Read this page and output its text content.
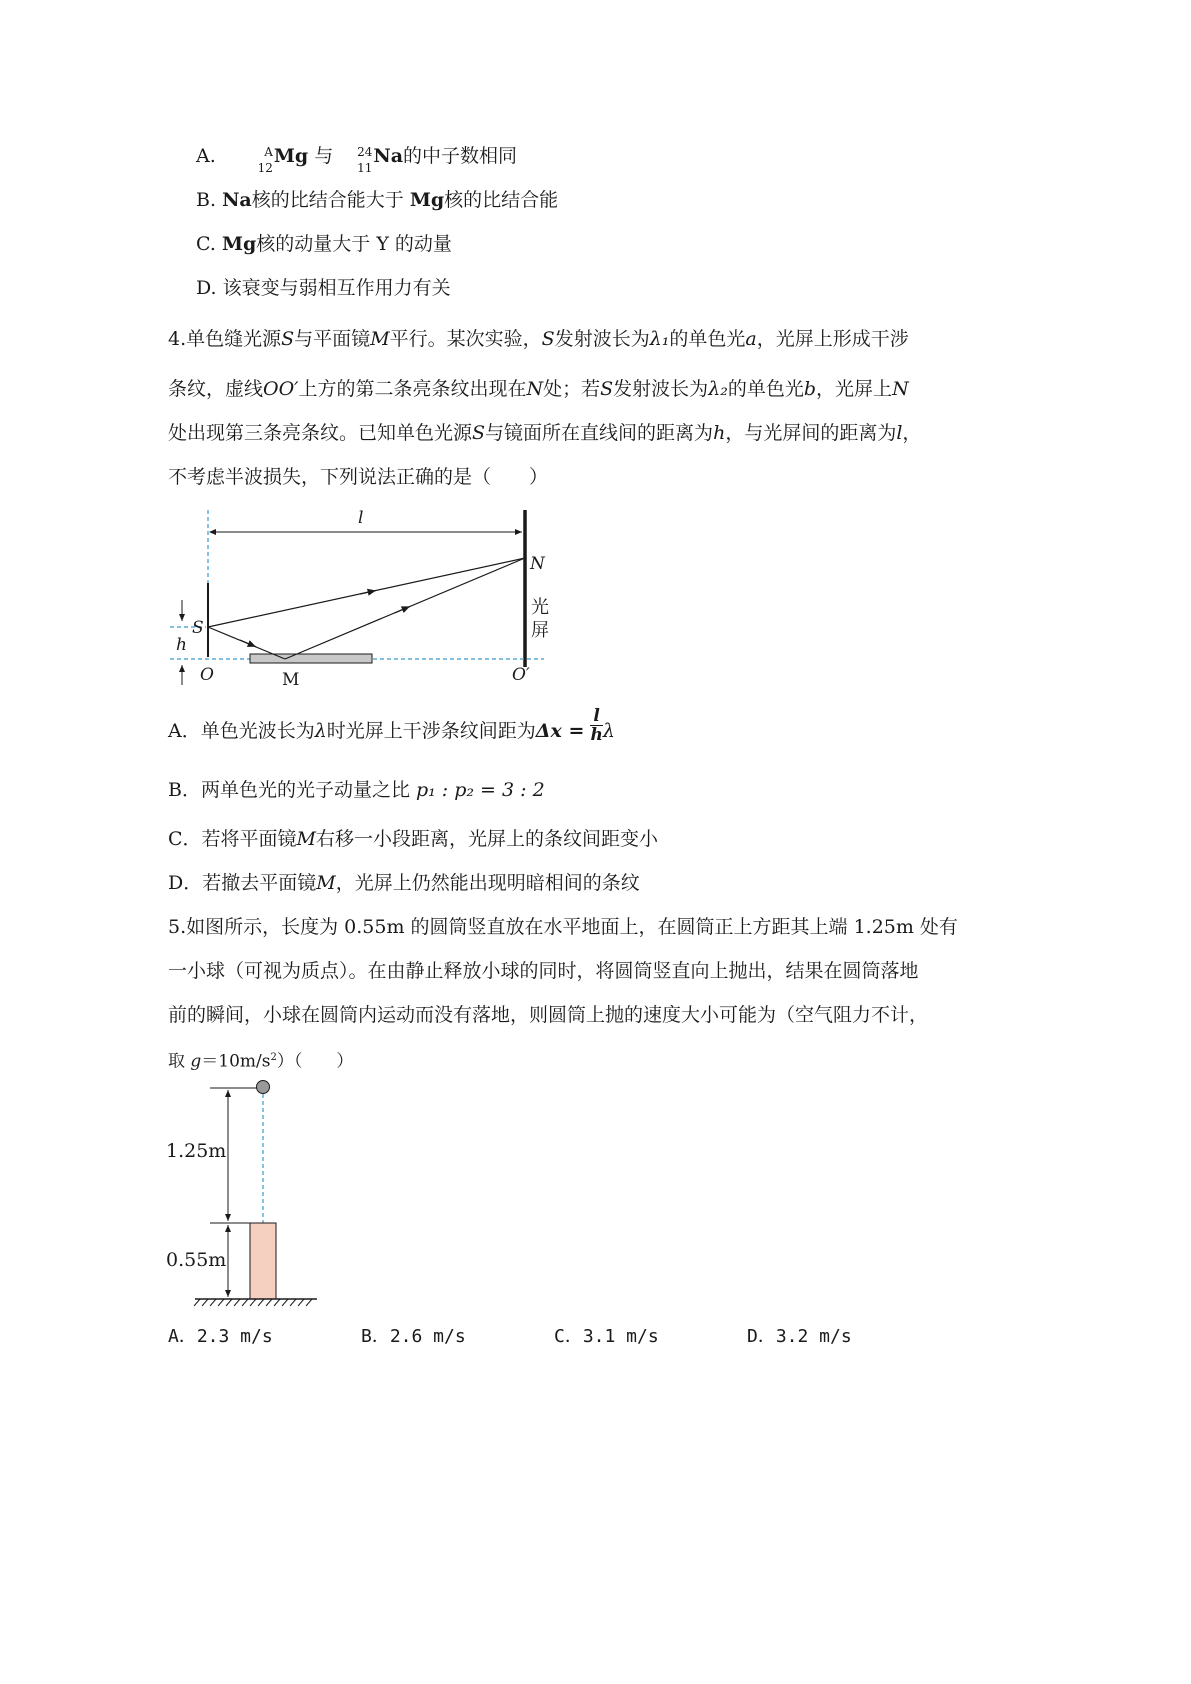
A.	A
12
Mg 与 24
11
Na的中子数相同
B. Na核的比结合能大于 Mg核的比结合能
C. Mg核的动量大于 Y 的动量
D. 该衰变与弱相互作用力有关
4.单色缝光源S与平面镜M平行。某次实验，S发射波长为λ₁的单色光a，光屏上形成干涉
条纹，虚线OO′上方的第二条亮条纹出现在N处；若S发射波长为λ₂的单色光b，光屏上N
处出现第三条亮条纹。已知单色光源S与镜面所在直线间的距离为h，与光屏间的距离为l，
不考虑半波损失，下列说法正确的是（　　）
l
N
光
屏
h
S
O	O′
M
A．单色光波长为λ时光屏上干涉条纹间距为$\Delta x = \frac{l}{h}$ λ
B．两单色光的光子动量之比 p₁ : p₂ = 3 : 2
C．若将平面镜M右移一小段距离，光屏上的条纹间距变小
D．若撤去平面镜M，光屏上仍然能出现明暗相间的条纹
5.如图所示，长度为 0.55m 的圆筒竖直放在水平地面上，在圆筒正上方距其上端 1.25m 处有
一小球（可视为质点）。在由静止释放小球的同时，将圆筒竖直向上抛出，结果在圆筒落地
前的瞬间，小球在圆筒内运动而没有落地，则圆筒上抛的速度大小可能为（空气阻力不计，
取 $g=10m/s^2$）（　　）
1.25m
0.55m
A．2.3 m/s	B．2.6 m/s	C．3.1 m/s	D．3.2 m/s
